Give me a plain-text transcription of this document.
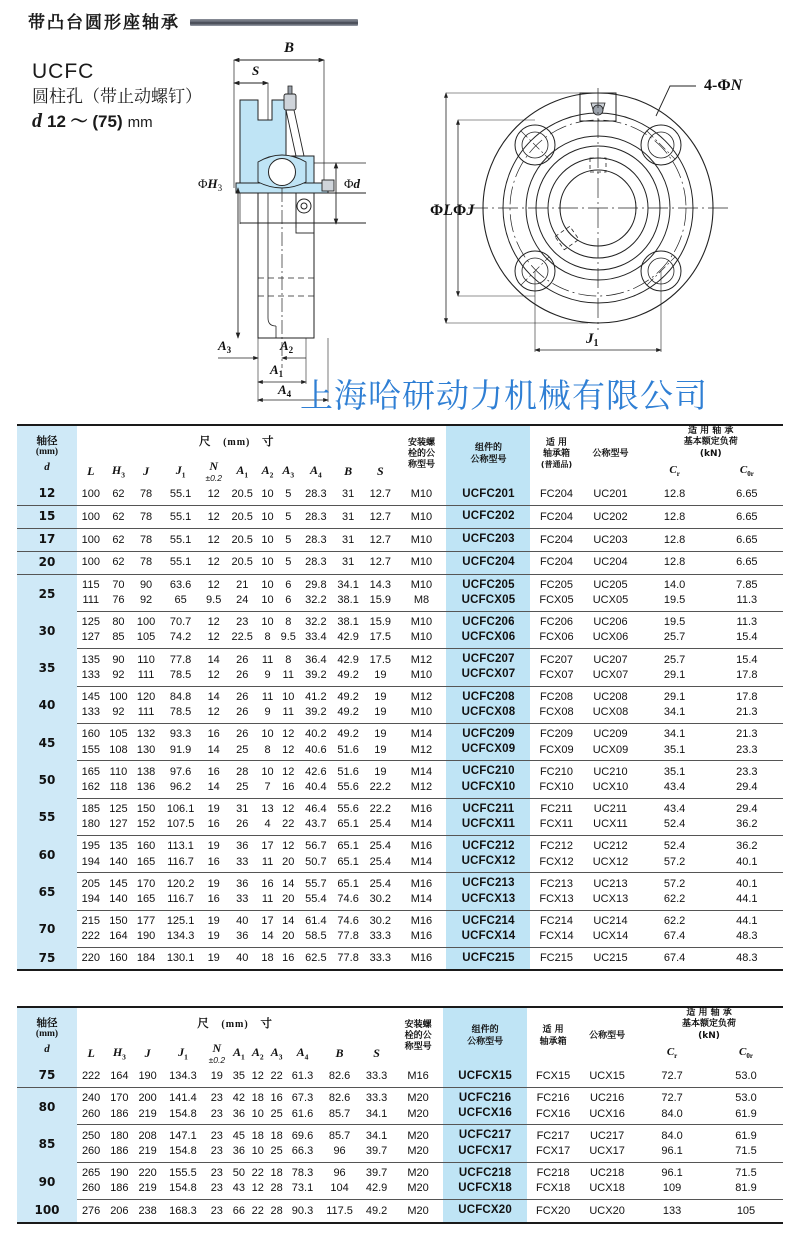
带凸台圆形座轴承
UCFC
圆柱孔（带止动螺钉）
d 12 ～ (75) mm
B
S
$\Phi H_3$	Φd
$A_3$	$A_2$
$A_1$
$A_4$
4-ΦN
ΦLΦJ
$J_1$
上海哈研动力机械有限公司
轴径
(mm)
d
	尺 (mm) 寸	安装螺
栓的公
称型号

组件的
公称型号

适 用
轴承箱
(普通品)

公称型号

适 用 轴 承
基本额定负荷
(kN)

	L	$H_3$	J	$J_1$	N
±0.2	$A_1$	$A_2$	$A_3$	$A_4$	B	S					$C_r$	$C_{0r}$

12	100	62	78	55.1	12	20.5	10	5	28.3	31	12.7	M10	UCFC201	FC204	UC201	12.8	6.65
15	100	62	78	55.1	12	20.5	10	5	28.3	31	12.7	M10	UCFC202	FC204	UC202	12.8	6.65
17	100	62	78	55.1	12	20.5	10	5	28.3	31	12.7	M10	UCFC203	FC204	UC203	12.8	6.65
20	100	62	78	55.1	12	20.5	10	5	28.3	31	12.7	M10	UCFC204	FC204	UC204	12.8	6.65
25	115	70	90	63.6	12	21	10	6	29.8	34.1	14.3	M10	UCFC205	FC205	UC205	14.0	7.85
	111	76	92	65	9.5	24	10	6	32.2	38.1	15.9	M8	UCFCX05	FCX05	UCX05	19.5	11.3
30	125	80	100	70.7	12	23	10	8	32.2	38.1	15.9	M10	UCFC206	FC206	UC206	19.5	11.3
	127	85	105	74.2	12	22.5	8	9.5	33.4	42.9	17.5	M10	UCFCX06	FCX06	UCX06	25.7	15.4
35	135	90	110	77.8	14	26	11	8	36.4	42.9	17.5	M12	UCFC207	FC207	UC207	25.7	15.4
	133	92	111	78.5	12	26	9	11	39.2	49.2	19	M10	UCFCX07	FCX07	UCX07	29.1	17.8
40	145	100	120	84.8	14	26	11	10	41.2	49.2	19	M12	UCFC208	FC208	UC208	29.1	17.8
	133	92	111	78.5	12	26	9	11	39.2	49.2	19	M10	UCFCX08	FCX08	UCX08	34.1	21.3
45	160	105	132	93.3	16	26	10	12	40.2	49.2	19	M14	UCFC209	FC209	UC209	34.1	21.3
	155	108	130	91.9	14	25	8	12	40.6	51.6	19	M12	UCFCX09	FCX09	UCX09	35.1	23.3
50	165	110	138	97.6	16	28	10	12	42.6	51.6	19	M14	UCFC210	FC210	UC210	35.1	23.3
	162	118	136	96.2	14	25	7	16	40.4	55.6	22.2	M12	UCFCX10	FCX10	UCX10	43.4	29.4
55	185	125	150	106.1	19	31	13	12	46.4	55.6	22.2	M16	UCFC211	FC211	UC211	43.4	29.4
	180	127	152	107.5	16	26	4	22	43.7	65.1	25.4	M14	UCFCX11	FCX11	UCX11	52.4	36.2
60	195	135	160	113.1	19	36	17	12	56.7	65.1	25.4	M16	UCFC212	FC212	UC212	52.4	36.2
	194	140	165	116.7	16	33	11	20	50.7	65.1	25.4	M14	UCFCX12	FCX12	UCX12	57.2	40.1
65	205	145	170	120.2	19	36	16	14	55.7	65.1	25.4	M16	UCFC213	FC213	UC213	57.2	40.1
	194	140	165	116.7	16	33	11	20	55.4	74.6	30.2	M14	UCFCX13	FCX13	UCX13	62.2	44.1
70	215	150	177	125.1	19	40	17	14	61.4	74.6	30.2	M16	UCFC214	FC214	UC214	62.2	44.1
	222	164	190	134.3	19	36	14	20	58.5	77.8	33.3	M16	UCFCX14	FCX14	UCX14	67.4	48.3
75	220	160	184	130.1	19	40	18	16	62.5	77.8	33.3	M16	UCFC215	FC215	UC215	67.4	48.3
轴径
(mm)
d
	尺 (mm) 寸	安装螺
栓的公
称型号

组件的
公称型号

适 用
轴承箱

公称型号

适 用 轴 承
基本额定负荷
(kN)

	L	$H_3$	J	$J_1$	N
±0.2	$A_1$	$A_2$	$A_3$	$A_4$	B	S					$C_r$	$C_{0r}$

75	222	164	190	134.3	19	35	12	22	61.3	82.6	33.3	M16	UCFCX15	FCX15	UCX15	72.7	53.0
80	240	170	200	141.4	23	42	18	16	67.3	82.6	33.3	M20	UCFC216	FC216	UC216	72.7	53.0
	260	186	219	154.8	23	36	10	25	61.6	85.7	34.1	M20	UCFCX16	FCX16	UCX16	84.0	61.9
85	250	180	208	147.1	23	45	18	18	69.6	85.7	34.1	M20	UCFC217	FC217	UC217	84.0	61.9
	260	186	219	154.8	23	36	10	25	66.3	96	39.7	M20	UCFCX17	FCX17	UCX17	96.1	71.5
90	265	190	220	155.5	23	50	22	18	78.3	96	39.7	M20	UCFC218	FC218	UC218	96.1	71.5
	260	186	219	154.8	23	43	12	28	73.1	104	42.9	M20	UCFCX18	FCX18	UCX18	109	81.9
100	276	206	238	168.3	23	66	22	28	90.3	117.5	49.2	M20	UCFCX20	FCX20	UCX20	133	105
